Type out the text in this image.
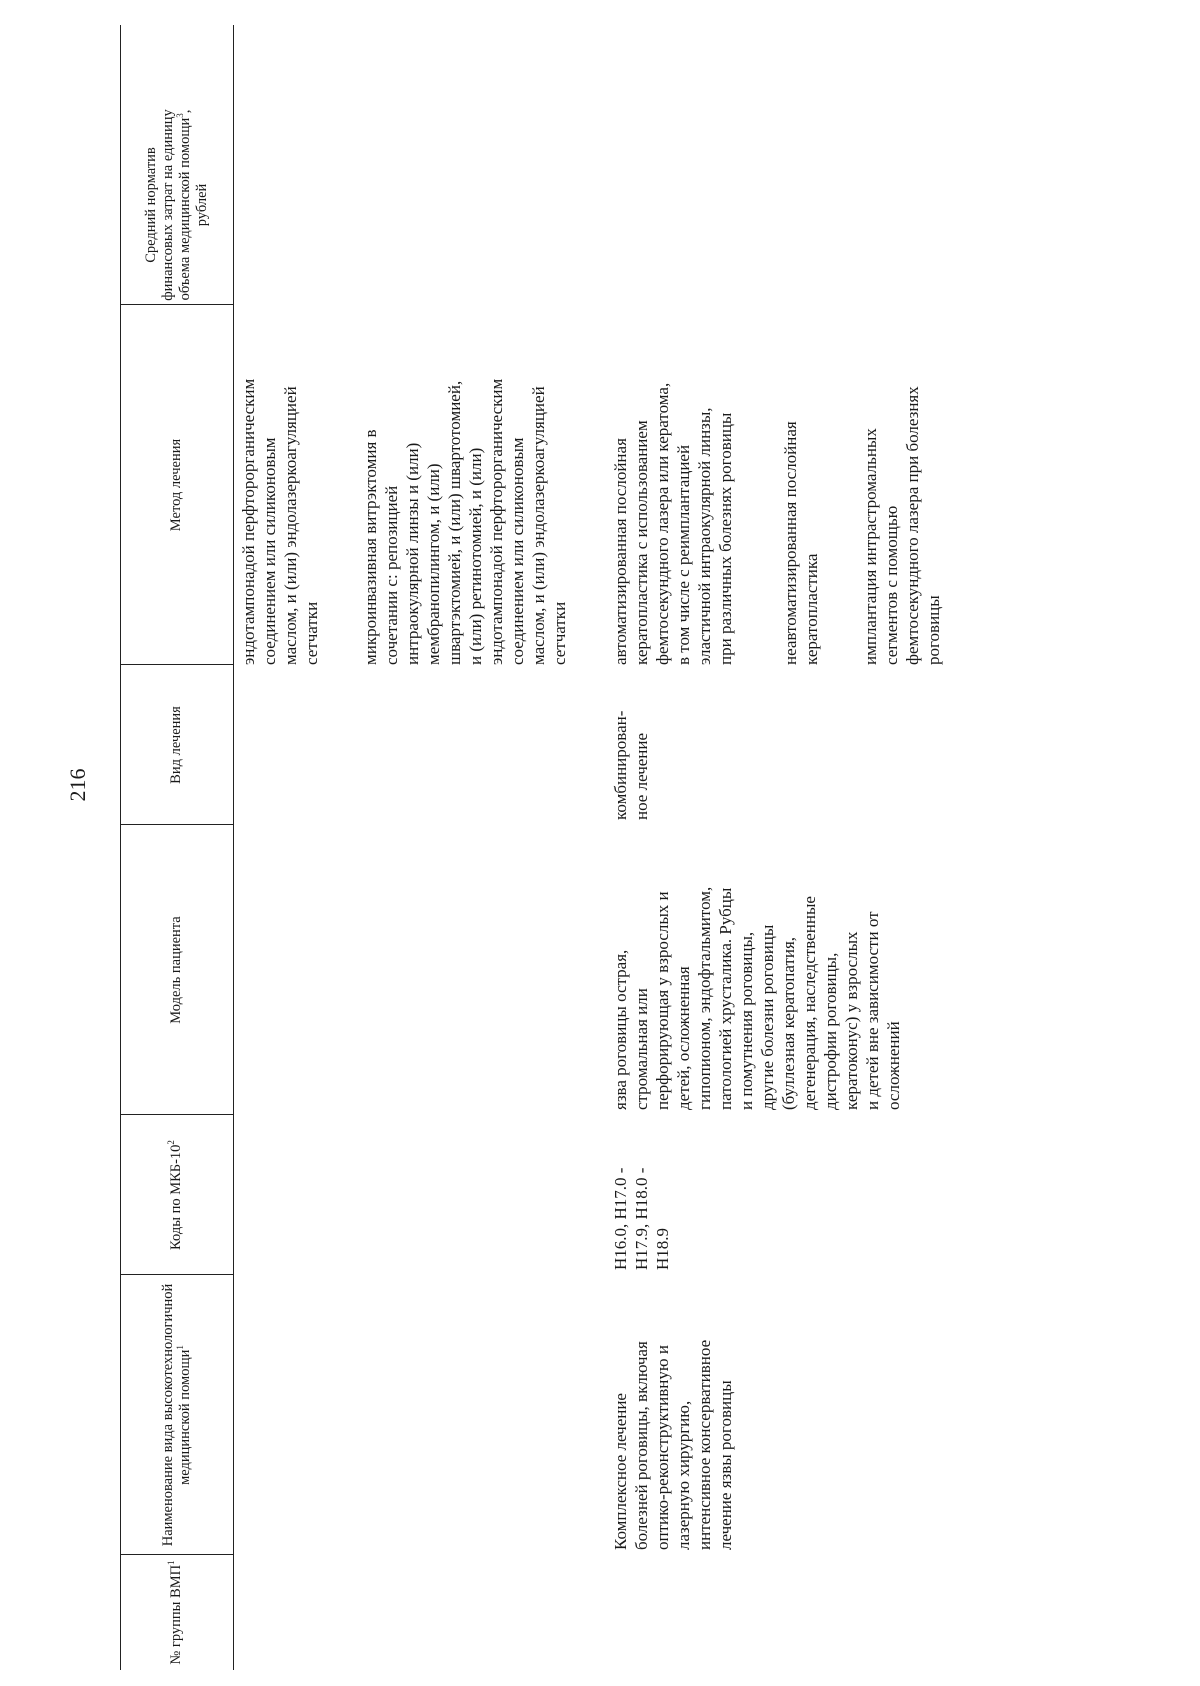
216
№ группы ВМП$^1$
Наименование вида высокотехнологичной медицинской помощи$^1$
Коды по МКБ-$10^2$
Модель пациента
Вид лечения
Метод лечения
Средний норматив финансовых затрат на единицу объема медицинской помощи$^3$, рублей
эндотампонадой перфторорганическим
соединением или силиконовым
маслом, и (или) эндолазеркоагуляцией
сетчатки микроинвазивная витрэктомия в
сочетании с: репозицией
интраокулярной линзы и (или)
мембранопилингом, и (или)
швартэктомией, и (или) швартотомией,
и (или) ретинотомией, и (или)
эндотампонадой перфторорганическим
соединением или силиконовым
маслом, и (или) эндолазеркоагуляцией
сетчатки
Комплексное лечение
болезней роговицы, включая
оптико-реконструктивную и
лазерную хирургию,
интенсивное консервативное
лечение язвы роговицы
H16.0, H17.0 -
H17.9, H18.0 -
H18.9
язва роговицы острая,
стромальная или
перфорирующая у взрослых и
детей, осложненная
гипопионом, эндофтальмитом,
патологией хрусталика. Рубцы
и помутнения роговицы,
другие болезни роговицы
(буллезная кератопатия,
дегенерация, наследственные
дистрофии роговицы,
кератоконус) у взрослых
и детей вне зависимости от
осложнений
комбинирован-
ное лечение
автоматизированная послойная
кератопластика с использованием
фемтосекундного лазера или кератома,
в том числе с реимплантацией
эластичной интраокулярной линзы,
при различных болезнях роговицы
неавтоматизированная послойная
кератопластика имплантация интрастромальных
сегментов с помощью
фемтосекундного лазера при болезнях
роговицы
